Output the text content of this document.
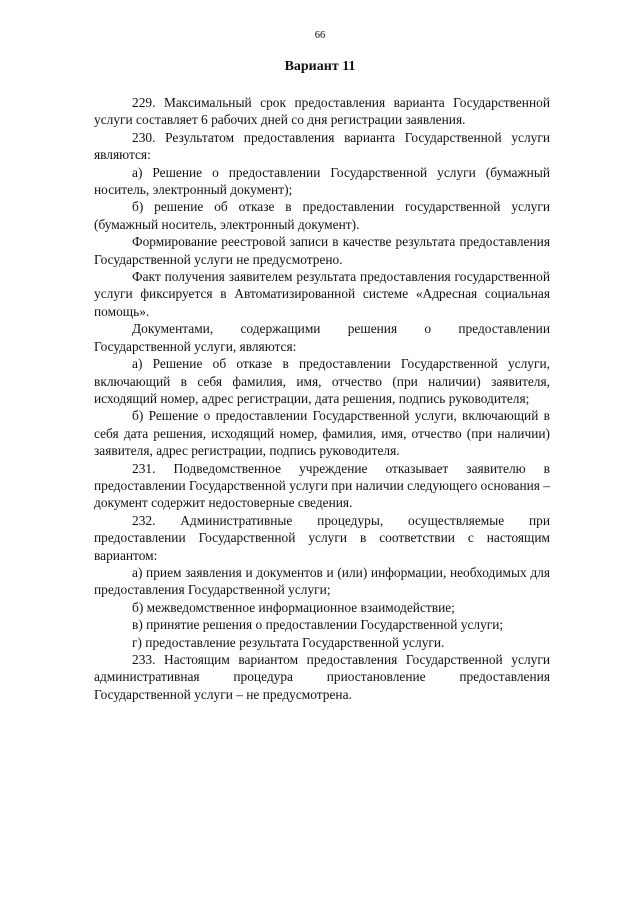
66
Вариант 11

229. Максимальный срок предоставления варианта Государственной услуги составляет 6 рабочих дней со дня регистрации заявления.

230. Результатом предоставления варианта Государственной услуги являются:

а) Решение о предоставлении Государственной услуги (бумажный носитель, электронный документ);

б) решение об отказе в предоставлении государственной услуги (бумажный носитель, электронный документ).

Формирование реестровой записи в качестве результата предоставления Государственной услуги не предусмотрено.

Факт получения заявителем результата предоставления государственной услуги фиксируется в Автоматизированной системе «Адресная социальная помощь».

Документами, содержащими решения о предоставлении Государственной услуги, являются:

а) Решение об отказе в предоставлении Государственной услуги, включающий в себя фамилия, имя, отчество (при наличии) заявителя, исходящий номер, адрес регистрации, дата решения, подпись руководителя;

б) Решение о предоставлении Государственной услуги, включающий в себя дата решения, исходящий номер, фамилия, имя, отчество (при наличии) заявителя, адрес регистрации, подпись руководителя.

231. Подведомственное учреждение отказывает заявителю в предоставлении Государственной услуги при наличии следующего основания – документ содержит недостоверные сведения.

232. Административные процедуры, осуществляемые при предоставлении Государственной услуги в соответствии с настоящим вариантом:

а) прием заявления и документов и (или) информации, необходимых для предоставления Государственной услуги;

б) межведомственное информационное взаимодействие;

в) принятие решения о предоставлении Государственной услуги;

г) предоставление результата Государственной услуги.

233. Настоящим вариантом предоставления Государственной услуги административная процедура приостановление предоставления Государственной услуги – не предусмотрена.
